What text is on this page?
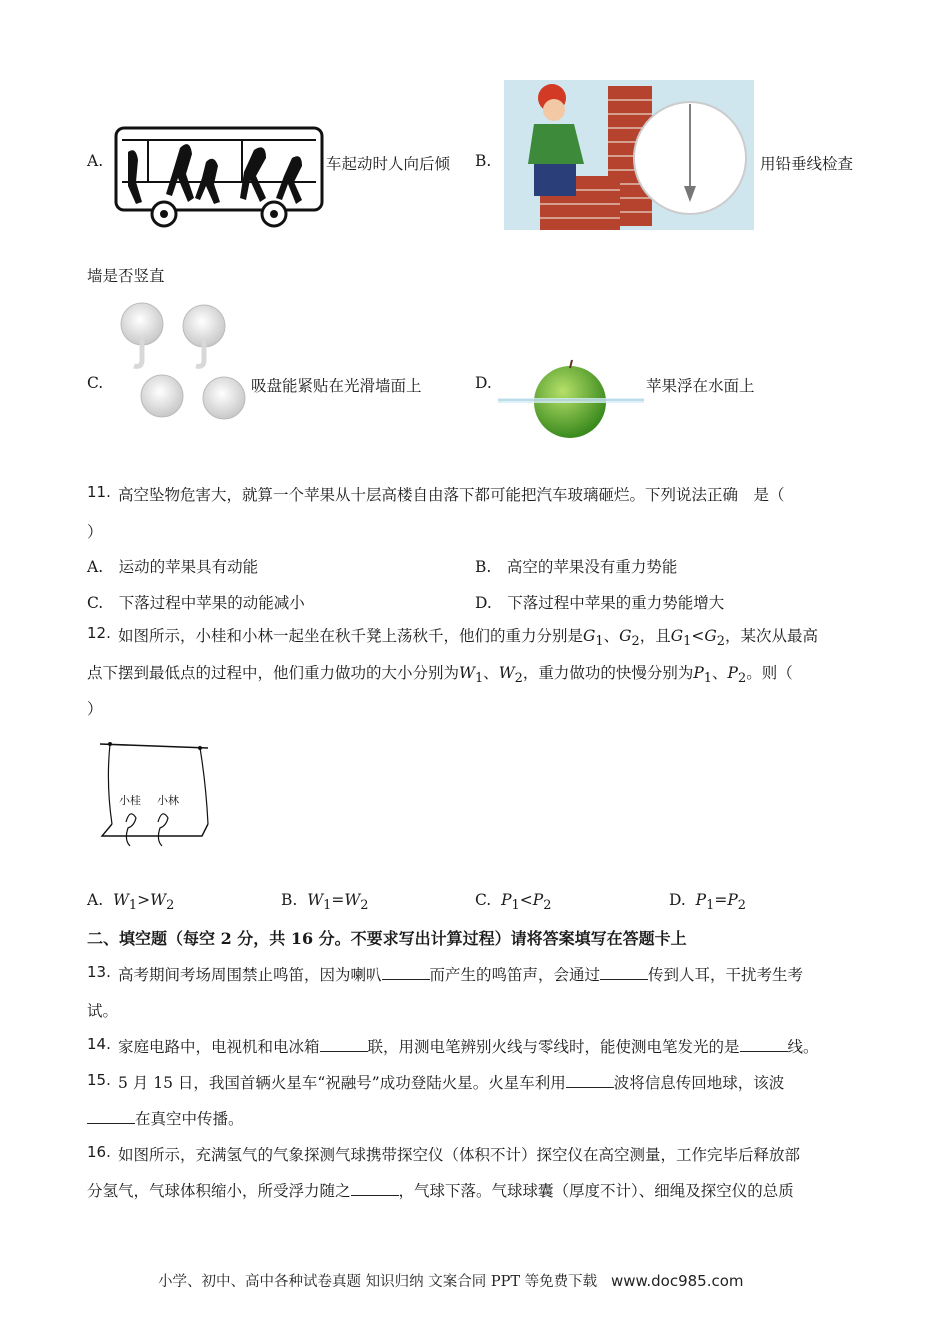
A.	车起动时人向后倾 B.	用铅垂线检查
墙是否竖直
C.	吸盘能紧贴在光滑墙面上	D.	苹果浮在水面上
11. 高空坠物危害大，就算一个苹果从十层高楼自由落下都可能把汽车玻璃砸烂。下列说法正确　是（
）
A.　运动的苹果具有动能	B.　高空的苹果没有重力势能
C.　下落过程中苹果的动能减小	D.　下落过程中苹果的重力势能增大
12. 如图所示，小桂和小林一起坐在秋千凳上荡秋千，他们的重力分别是$G_1$、$G_2$，且$G_1<G_2$，某次从最高
点下摆到最低点的过程中，他们重力做功的大小分别为$W_1$、$W_2$，重力做功的快慢分别为$P_1$、$P_2$。则（
）
小桂 小林
A. $W_1>W_2$	B. $W_1=W_2$	C. $P_1<P_2$	D. $P_1=P_2$
二、填空题（每空 2 分，共 16 分。不要求写出计算过程）请将答案填写在答题卡上
13. 高考期间考场周围禁止鸣笛，因为喇叭	而产生的鸣笛声，会通过	传到人耳，干扰考生考
试。
14. 家庭电路中，电视机和电冰箱	联，用测电笔辨别火线与零线时，能使测电笔发光的是	线。
15. 5 月 15 日，我国首辆火星车“祝融号”成功登陆火星。火星车利用	波将信息传回地球，该波
在真空中传播。
16. 如图所示，充满氢气的气象探测气球携带探空仪（体积不计）探空仪在高空测量，工作完毕后释放部
分氢气，气球体积缩小，所受浮力随之	，气球下落。气球球囊（厚度不计）、细绳及探空仪的总质
小学、初中、高中各种试卷真题 知识归纳 文案合同 PPT 等免费下载 www.doc985.com
